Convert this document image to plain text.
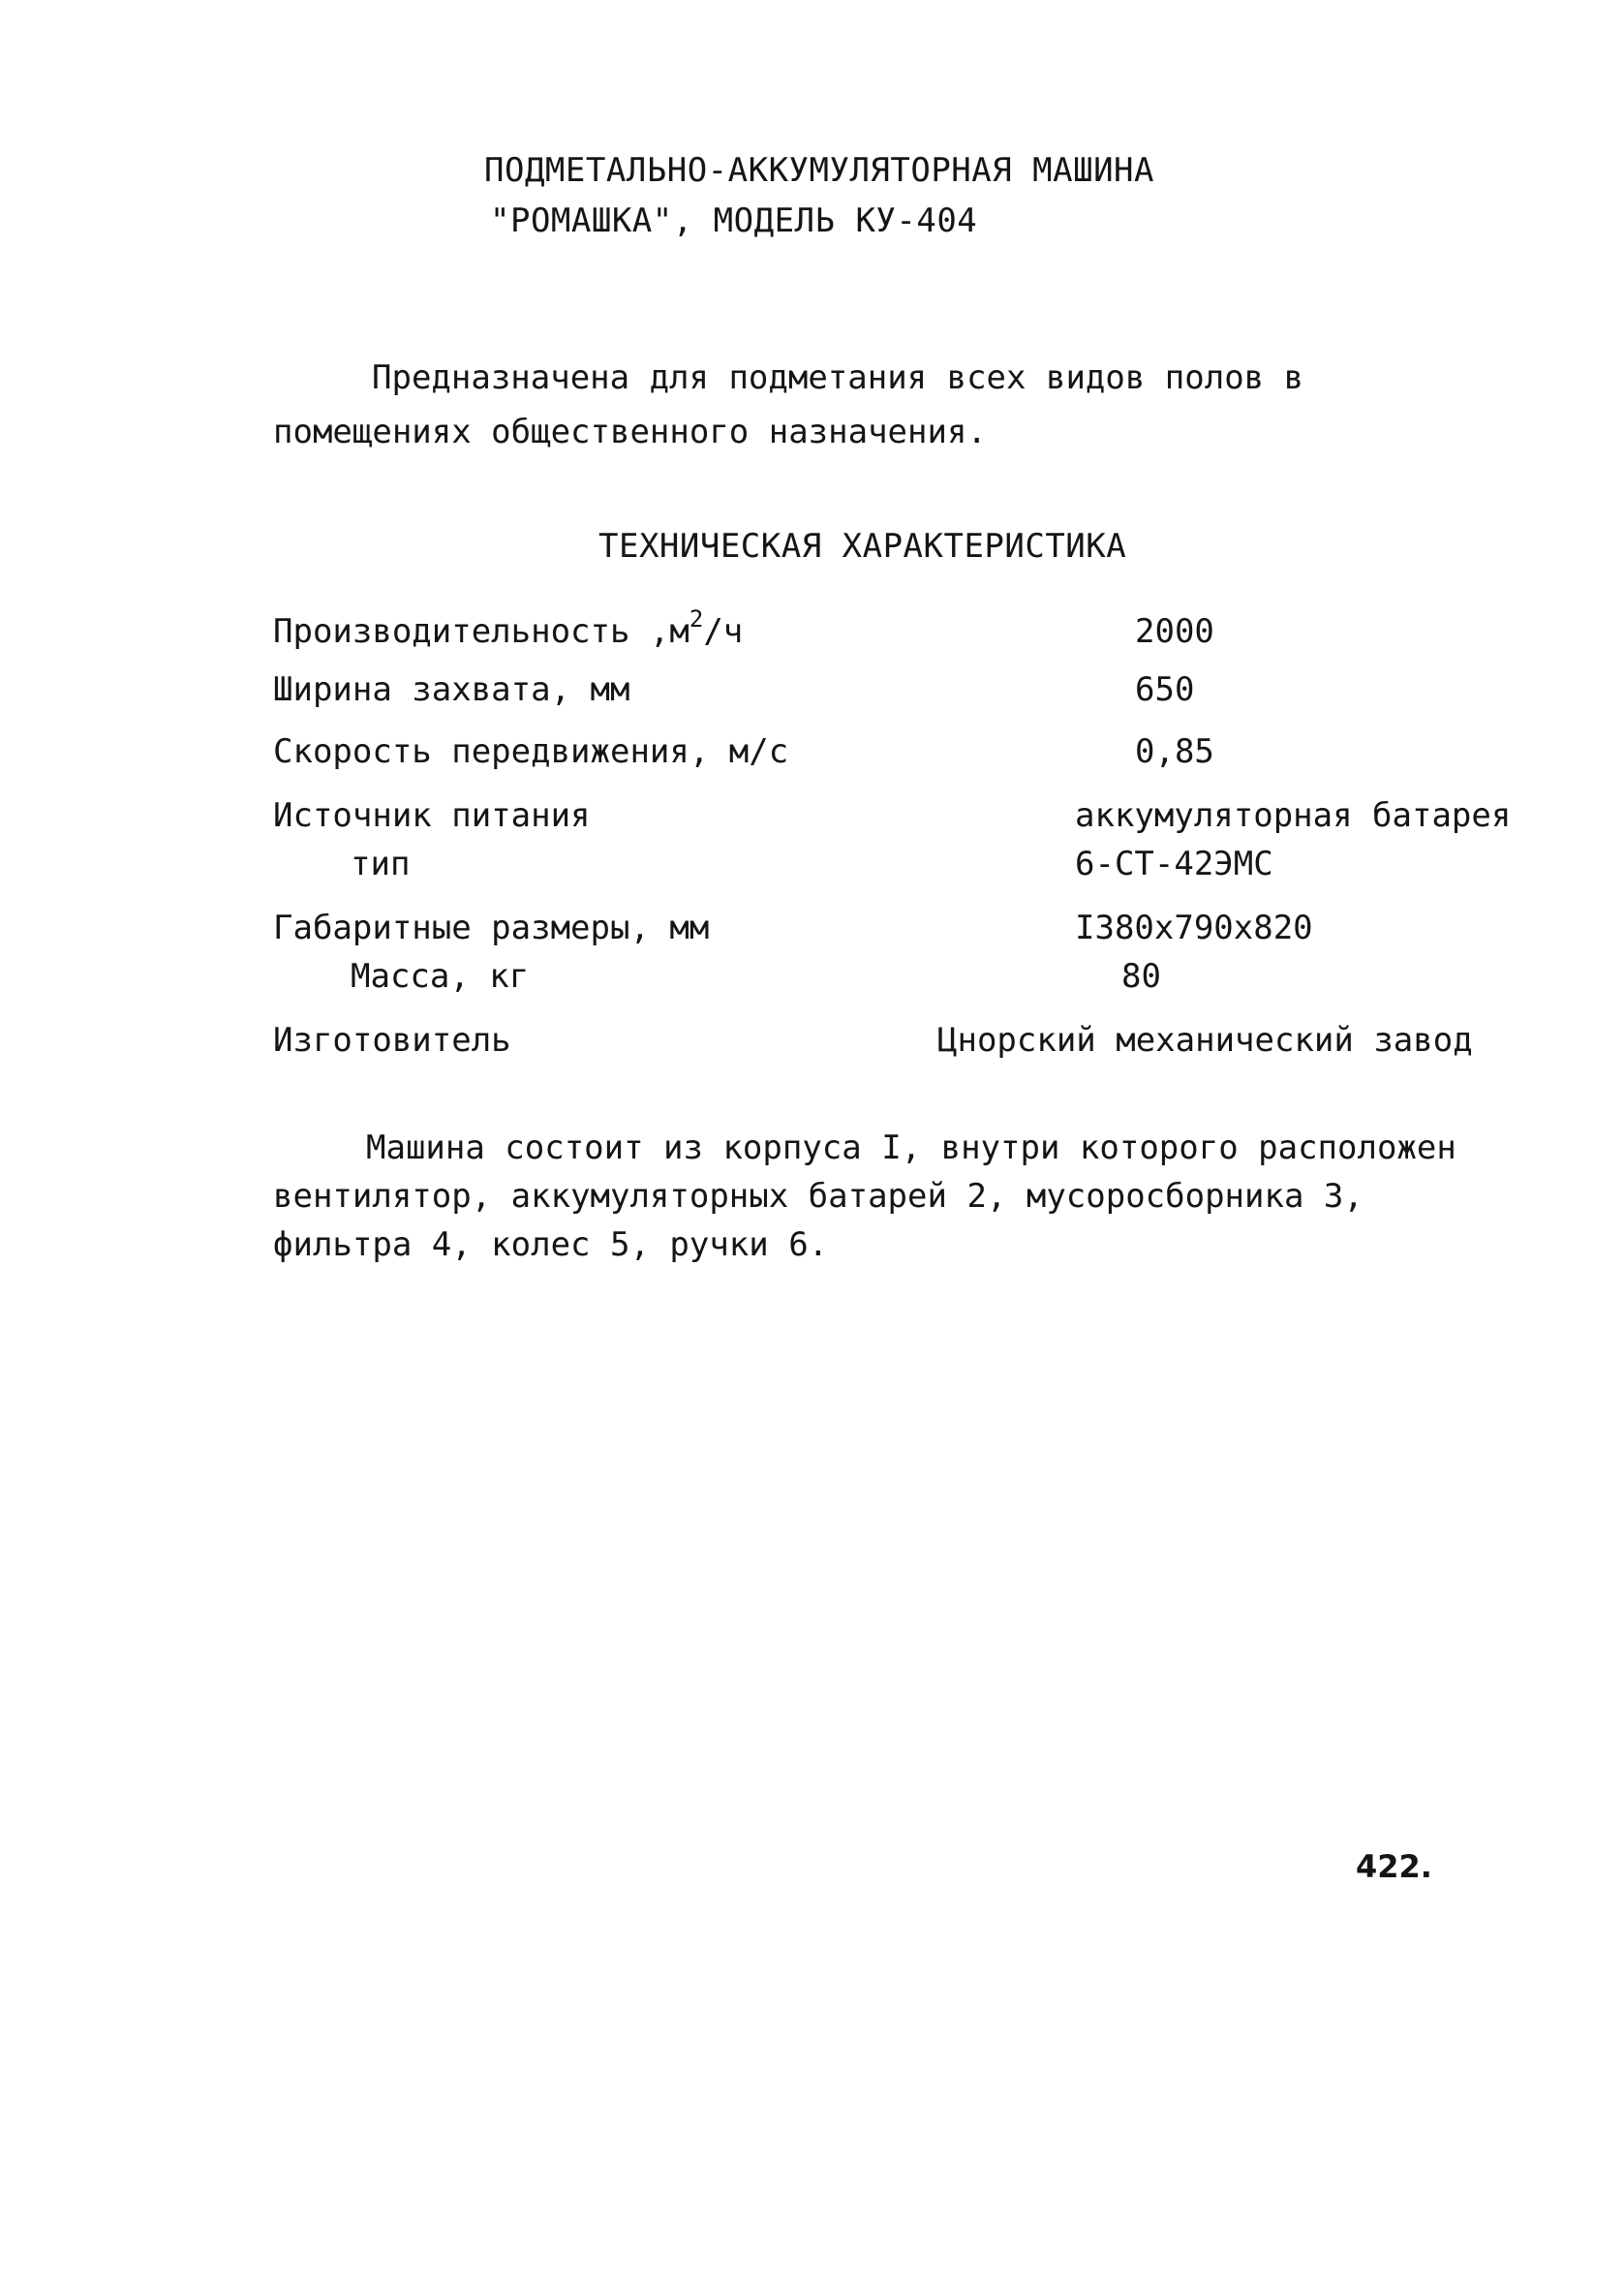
ПОДМЕТАЛЬНО-АККУМУЛЯТОРНАЯ МАШИНА
"РОМАШКА", МОДЕЛЬ КУ-404

Предназначена для подметания всех видов полов в помещениях общественного назначения.

ТЕХНИЧЕСКАЯ ХАРАКТЕРИСТИКА
Производительность $,м^2/ч$	2000
Ширина захвата, мм	650
Скорость передвижения, м/с	0,85
Источник питания	аккумуляторная батарея
тип	6-СТ-42ЭМС
Габаритные размеры, мм	I380x790x820
Масса, кг	80
Изготовитель	Цнорский механический завод

Машина состоит из корпуса I, внутри которого расположен вентилятор, аккумуляторных батарей 2, мусоросборника 3, фильтра 4, колес 5, ручки 6.

422.
